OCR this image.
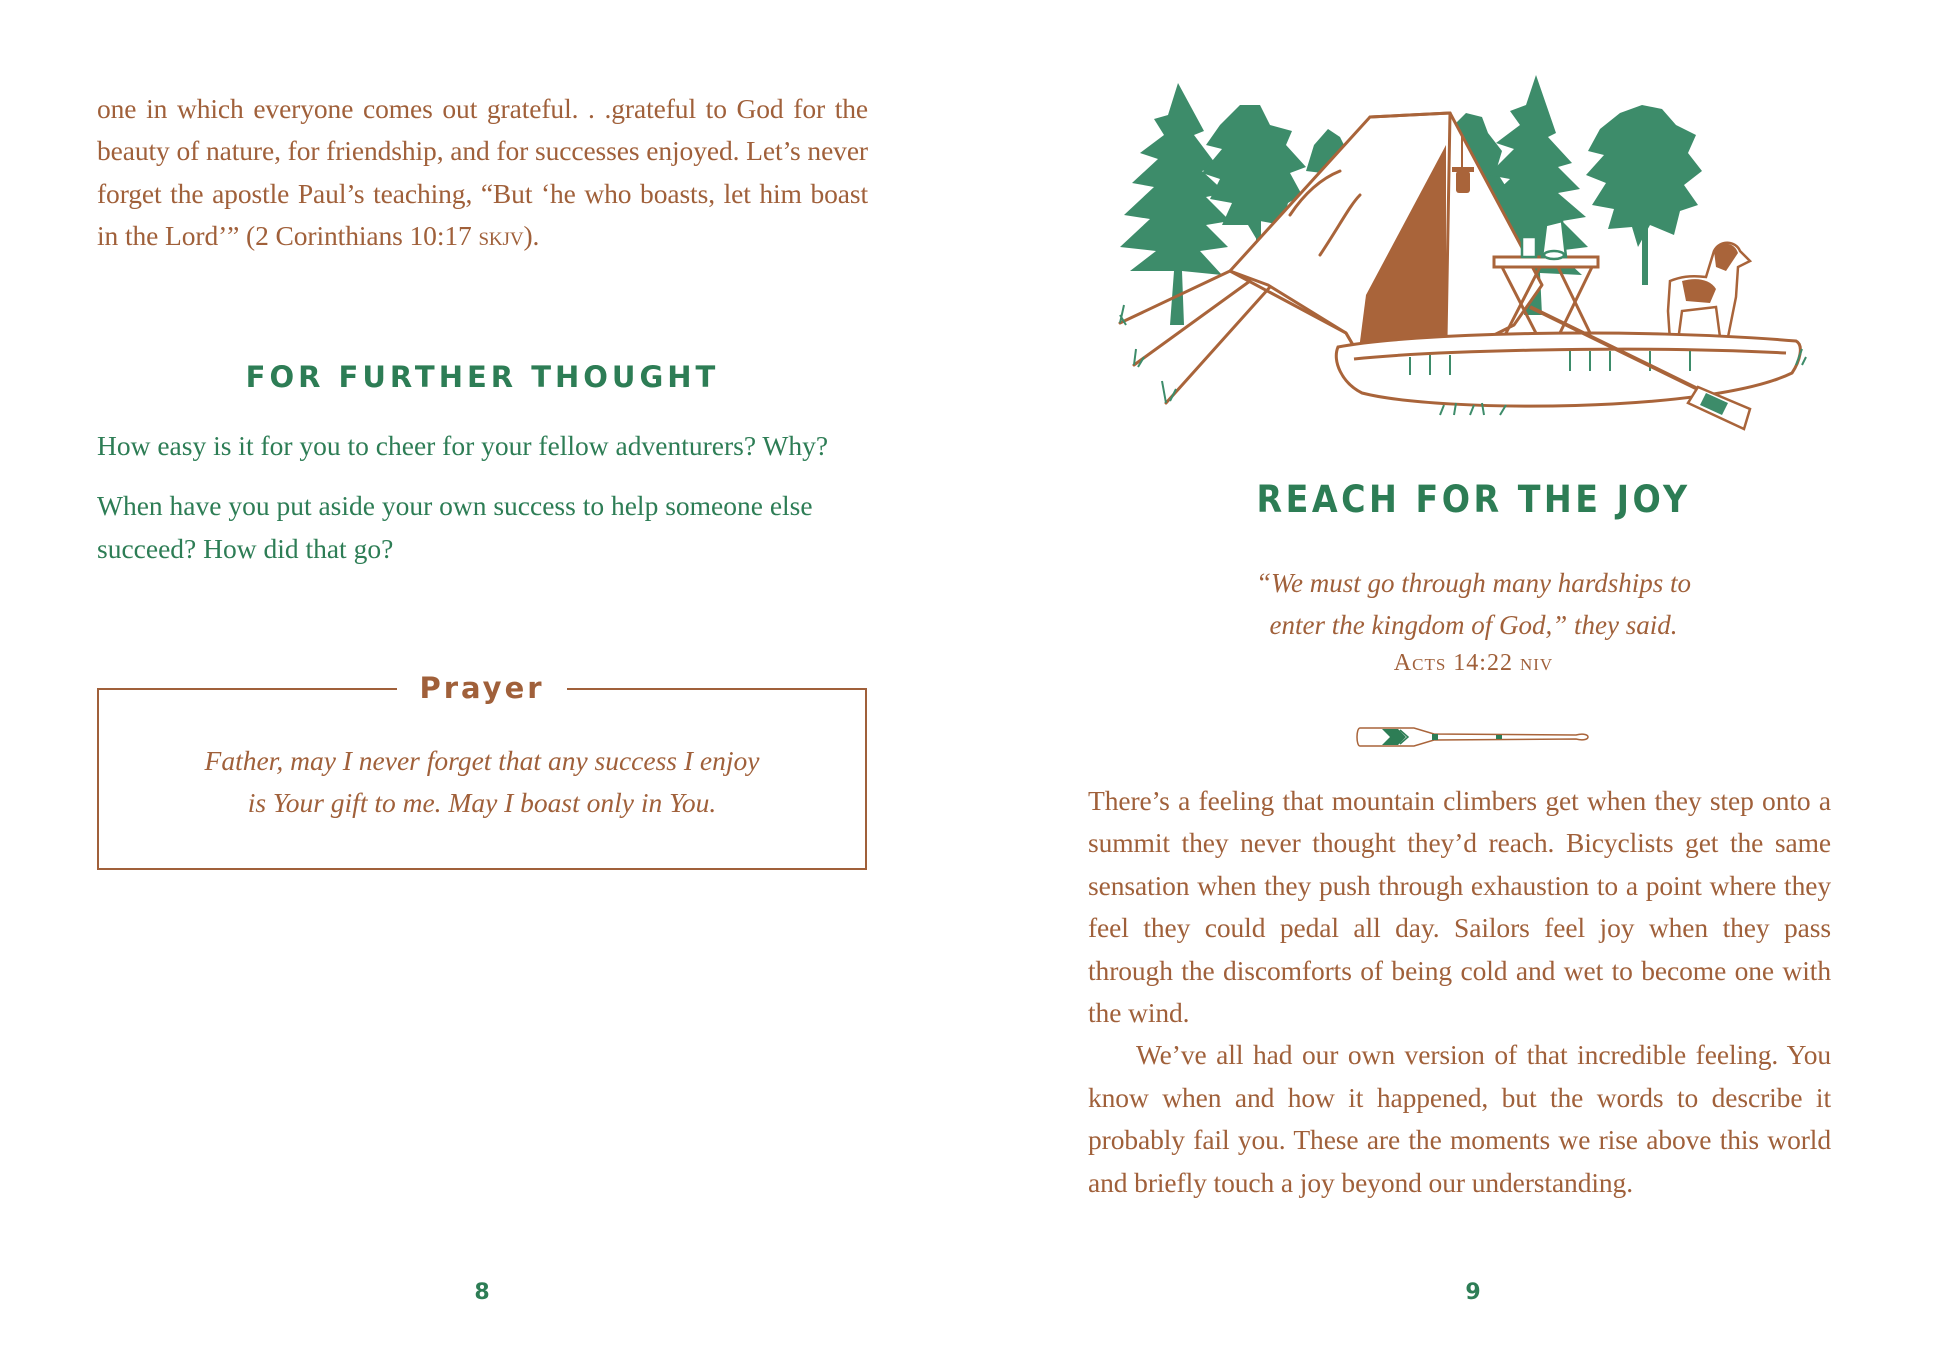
one in which everyone comes out grateful. . .grateful to God for the beauty of nature, for friendship, and for successes enjoyed. Let’s never forget the apostle Paul’s teaching, “But ‘he who boasts, let him boast in the Lord’” (2 Corinthians 10:17 skjv).

FOR FURTHER THOUGHT

How easy is it for you to cheer for your fellow adventurers? Why?

When have you put aside your own success to help someone else succeed? How did that go?

Prayer
Father, may I never forget that any success I enjoy
is Your gift to me. May I boast only in You.
8
REACH FOR THE JOY
“We must go through many hardships to
enter the kingdom of God,” they said.
Acts 14:22 niv

There’s a feeling that mountain climbers get when they step onto a summit they never thought they’d reach. Bicyclists get the same sensation when they push through exhaustion to a point where they feel they could pedal all day. Sailors feel joy when they pass through the discomforts of being cold and wet to become one with the wind.

We’ve all had our own version of that incredible feeling. You know when and how it happened, but the words to describe it probably fail you. These are the moments we rise above this world and briefly touch a joy beyond our understanding.

9
